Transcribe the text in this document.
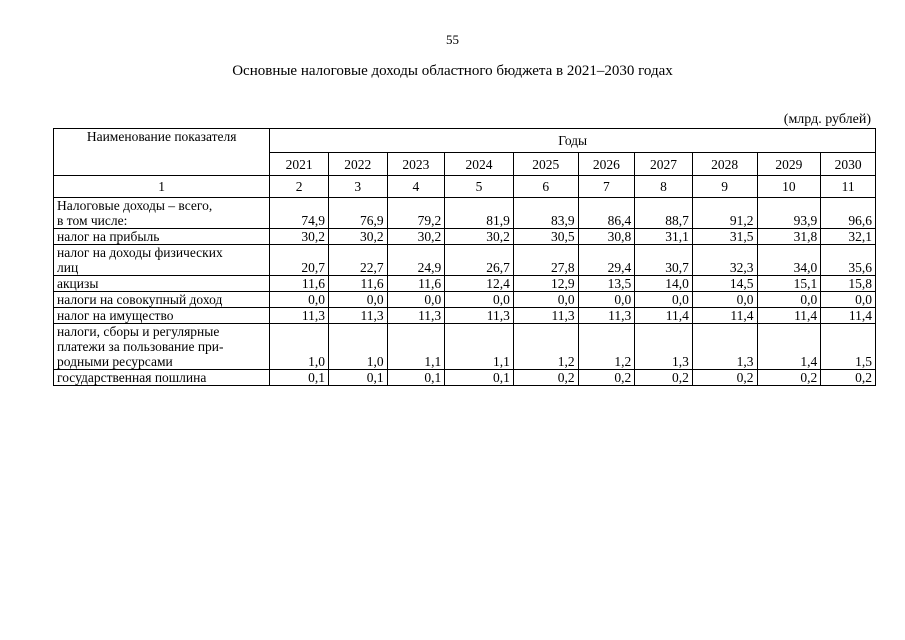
55
Основные налоговые доходы областного бюджета в 2021–2030 годах
(млрд. рублей)
Наименование показателя	Годы									
	2021	2022	2023	2024	2025	2026	2027	2028	2029	2030
1	2	3	4	5	6	7	8	9	10	11
Налоговые доходы – всего,
в том числе:	74,9	76,9	79,2	81,9	83,9	86,4	88,7	91,2	93,9	96,6
налог на прибыль	30,2	30,2	30,2	30,2	30,5	30,8	31,1	31,5	31,8	32,1
налог на доходы физических
лиц	20,7	22,7	24,9	26,7	27,8	29,4	30,7	32,3	34,0	35,6
акцизы	11,6	11,6	11,6	12,4	12,9	13,5	14,0	14,5	15,1	15,8
налоги на совокупный доход	0,0	0,0	0,0	0,0	0,0	0,0	0,0	0,0	0,0	0,0
налог на имущество	11,3	11,3	11,3	11,3	11,3	11,3	11,4	11,4	11,4	11,4
налоги, сборы и регулярные
платежи за пользование при-
родными ресурсами	1,0	1,0	1,1	1,1	1,2	1,2	1,3	1,3	1,4	1,5
государственная пошлина	0,1	0,1	0,1	0,1	0,2	0,2	0,2	0,2	0,2	0,2
